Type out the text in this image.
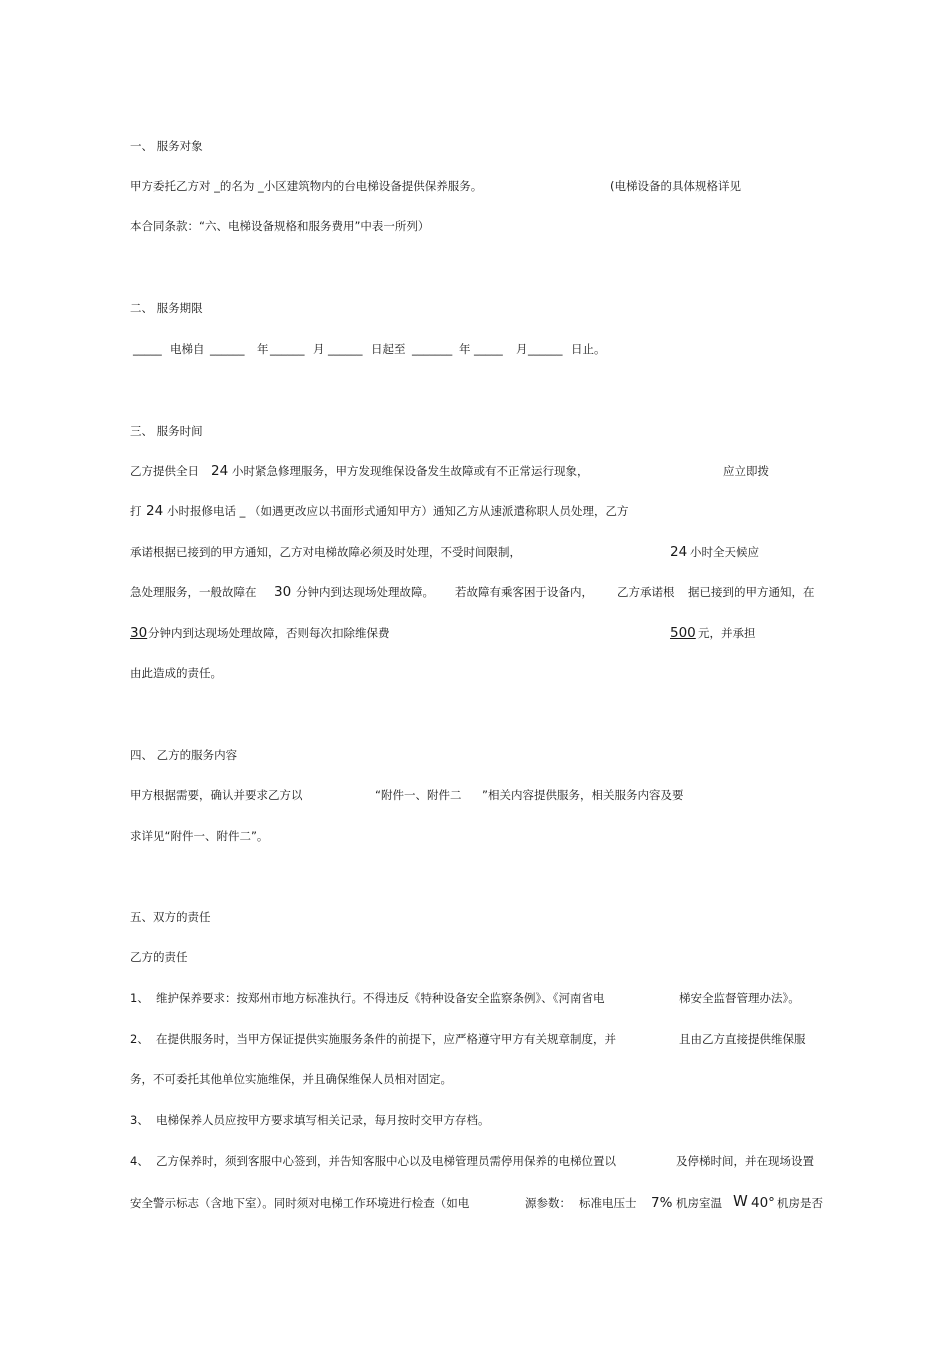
一、 服务对象
甲方委托乙方对 _的名为 _小区建筑物内的台电梯设备提供保养服务。	(电梯设备的具体规格详见
本合同条款：“六、电梯设备规格和服务费用”中表一所列）
二、 服务期限
_____ 电梯自 ______ 年 ______ 月 ______ 日起至 _______ 年 _____ 月 ______ 日止。
三、 服务时间
乙方提供全日 24 小时紧急修理服务，甲方发现维保设备发生故障或有不正常运行现象，	应立即拨
打 24 小时报修电话 _ （如遇更改应以书面形式通知甲方）通知乙方从速派遣称职人员处理，乙方
承诺根据已接到的甲方通知，乙方对电梯故障必须及时处理，不受时间限制，	24 小时全天候应
急处理服务，一般故障在 30 分钟内到达现场处理故障。 若故障有乘客困于设备内， 乙方承诺根 据已接到的甲方通知，在
30 分钟内到达现场处理故障，否则每次扣除维保费	500 元，并承担
由此造成的责任。
四、 乙方的服务内容
甲方根据需要，确认并要求乙方以	“附件一、附件二 ”相关内容提供服务，相关服务内容及要
求详见“附件一、附件二”。
五、双方的责任
乙方的责任
1、 维护保养要求：按郑州市地方标准执行。不得违反《特种设备安全监察条例》、《河南省电	梯安全监督管理办法》。
2、 在提供服务时，当甲方保证提供实施服务条件的前提下，应严格遵守甲方有关规章制度，并	且由乙方直接提供维保服
务，不可委托其他单位实施维保，并且确保维保人员相对固定。
3、 电梯保养人员应按甲方要求填写相关记录，每月按时交甲方存档。
4、 乙方保养时，须到客服中心签到，并告知客服中心以及电梯管理员需停用保养的电梯位置以	及停梯时间，并在现场设置
安全警示标志（含地下室）。同时须对电梯工作环境进行检查（如电	源参数： 标准电压士 7% 机房室温 W 40° 机房是否
